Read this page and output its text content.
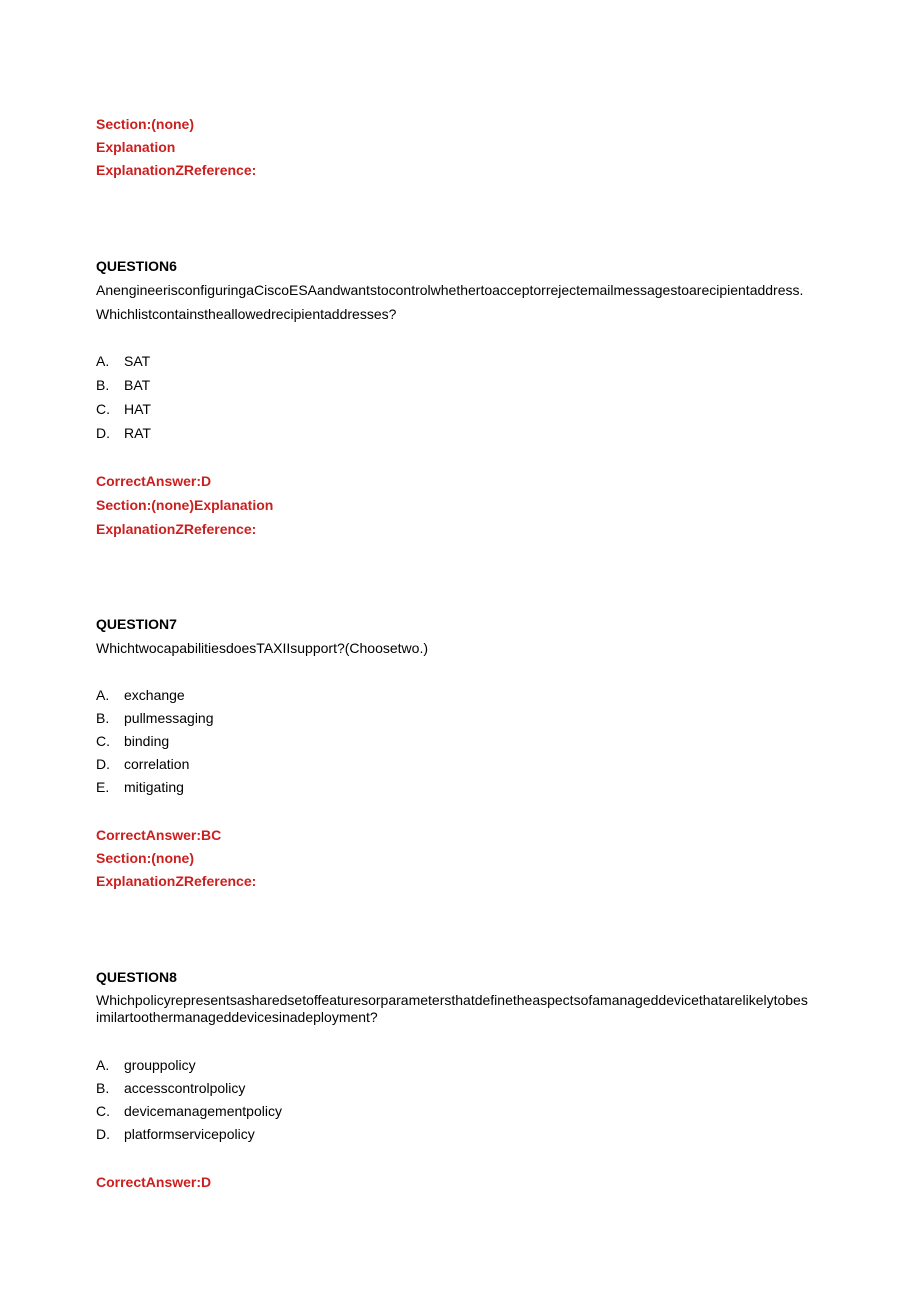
Section:(none)

Explanation

ExplanationZReference:

QUESTION6

AnengineerisconfiguringaCiscoESAandwantstocontrolwhethertoacceptorrejectemailmessagestoarecipientaddress.

Whichlistcontainstheallowedrecipientaddresses?

A. SAT
B. BAT
C. HAT
D. RAT

CorrectAnswer:D

Section:(none)Explanation

ExplanationZReference:

QUESTION7

WhichtwocapabilitiesdoesTAXIIsupport?(Choosetwo.)

A. exchange
B. pullmessaging
C. binding
D. correlation
E. mitigating

CorrectAnswer:BC

Section:(none)

ExplanationZReference:

QUESTION8

Whichpolicyrepresentsasharedsetoffeaturesorparametersthatdefinetheaspectsofamanageddevicethatarelikelytobes

imilartoothermanageddevicesinadeployment?

A. grouppolicy
B. accesscontrolpolicy
C. devicemanagementpolicy
D. platformservicepolicy

CorrectAnswer:D
